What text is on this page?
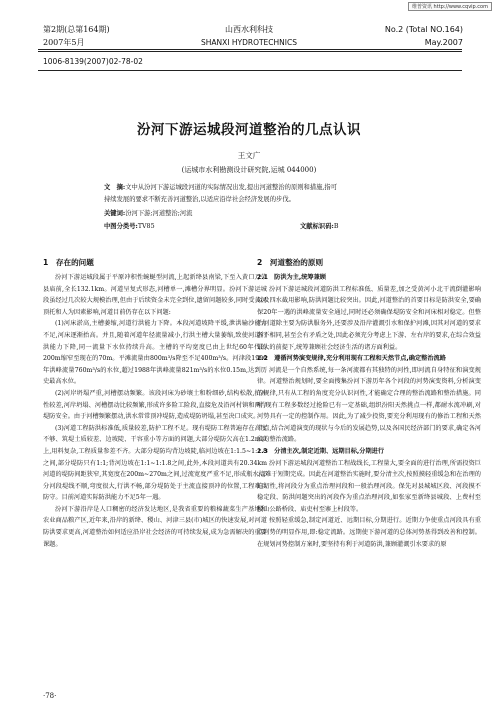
维普资讯 http://www.cqvip.com
第2期(总第164期)
2007年5月
山西水利科技
SHANXI HYDROTECHNICS
No.2 (Total NO.164)
May.2007
1006-8139(2007)02-78-02
汾河下游运城段河道整治的几点认识
王文广
(运城市水利勘测设计研究院,运城 044000)
文　摘:文中从汾河下游运城段河道的实际情况出发,提出河道整治的原则和措施,指可
持续发展的要求不断充善河道整治,以适应沿岸社会经济发展的步伐。
关键词:汾河下游;河道整治;河流
中图分类号:TV85	文献标识码:B
1　存在的问题

汾河下游运城段属于平原冲积性蜿蜒型河流,上起新绛县南梁,下至入黄口万荣县庙前,全长132.1km。河道呈复式形态,河槽单一,滩槽分界明显。汾河下游运城段虽经过几次较大规模治理,但由于后续资金未完全到位,遗留问题较多,同时受黄河顶托和人为因素影响,河道目前仍存在以下问题:

(1)河床淤高,主槽萎缩,河道行洪能力下降。本段河道坡降平缓,泄洪输沙能力不足,河床逐渐抬高。并且,随着河道年径流量减小,行洪主槽大量萎缩,致使河道行洪能力下降,同一流量下水位持续升高。主槽的平均宽度已由上世纪60年代的200m缩窄至现在的70m。平滩流量由800m³/s降至不足400m³/s。河津段1996年洪峰流量760m³/s的水位,超过1988年洪峰流量821m³/s的水位0.15m,达到历史最高水位。

(2)河岸坍塌严重,河槽摆动频繁。该段河床为砂壤土和粉细砂,结构松散,抗冲性较差,河岸坍塌、河槽摆动比较频繁,形成许多险工险段,直接危及沿河村镇和两岸堤防安全。由于河槽频繁摆动,洪水常常顶冲堤防,造成堤防坍塌,甚至决口成灾。

(3)河道工程防洪标准低,质量较差,防护工程不足。现有堤防工程普遍存在高度不够、筑堤土质较差、边坡陡、干容重小等方面的问题,大部分堤防欠高在1.2m以上,用料复杂,工程质量参差不齐。大部分堤防均背边坡陡,临河边坡在1:1.5~1:1.8之间,部分堤防只有1:1;背河边坡在1:1~1:1.8之间,此外,本段河道共有20.34km河道的堤防间距狭窄,其宽度在200m~270m之间,过流宽度严重不足,形成瓶水;部分河段堤线不顺,弯度很大,行洪不畅,部分堤防处于主流直接顶冲的位置,工程难以防守。目前河道实际防洪能力不足5年一遇。

汾河下游沿岸是人口稠密的经济发达地区,是我省重要的粮棉蔬菜生产基地和农业商品粮产区,近年来,沿岸的新绛、稷山、河津三县(市)城区的快速发展,对河道防洪要求更高,河道整治如何适应沿岸社会经济的可持续发展,成为急需解决的重要课题。

·78·
2　河道整治的原则

2.1　防洪为主,统筹兼顾

汾河下游运城段河道防洪工程标准低、质量差,加之受黄河小北干流倒灌影响以及四水截用影响,防洪问题比较突出。因此,河道整治的首要目标是防洪安全,要确保20年一遇的洪峰流量安全通过,同时还必须确保堤防安全和河床相对稳定。但整治河道除主要为防洪服务外,还要涉及沿岸灌溉引水和保护河滩,因其对河道的要求各不相同,甚至会有矛盾之处,因此必须充分考虑上下游、左右岸的要求,在综合效益最大的前提下,统筹兼顾社会经济生活的诸方面利益。

2.2　遵循河势演变规律,充分利用现有工程和天然节点,确定整治流路

河流是一个自然系统,每一条河流都有其独特的河性,即河流自身特征和演变规律。河道整治规划时,要全面搜集汾河下游历年各个河段的河势演变资料,分析演变的规律,只有从工程的角度充分认识河性,才能确定合理的整治流路和整治措施。同时,现有工程多数经过抢险已有一定基础,组织汾阳天然挑点一样,都耐水流冲刷,对河势具有一定的控制作用。因此,为了减少投资,要充分利用现有的修治工程和天然节点,结合河道演变的现状与今后的发展趋势,以及各国民经济部门的要求,确定各河段的整治流路。

2.3　分清主次,制定近期、远期目标,分期进行

汾河下游运城段河道整治工程战线长,工程量大,要全面的进行治理,所需投资巨大,难于短期完成。因此在河道整治实施时,要分清主次,按照摸轻重缓急和在治理的迫切性,将河段分为重点治理河段和一般治理河段。保先对县城城区段、河段摸不稳定段、防洪问题突出的河段作为重点治理河段,如张家至新绛县城段、上费村至稷山公路桥段、庙吏村至寨上村段等。

按照轻重缓急,制定河道近、远期目标,分期进行。近期力争使重点河段具有重点河势的明显作用,即:稳定流路。远期使下游河道的总体河势基得到改善和控制。在规划河势控制方案时,要坚持有利于河道防洪,兼顾灌溉引水要求的原
